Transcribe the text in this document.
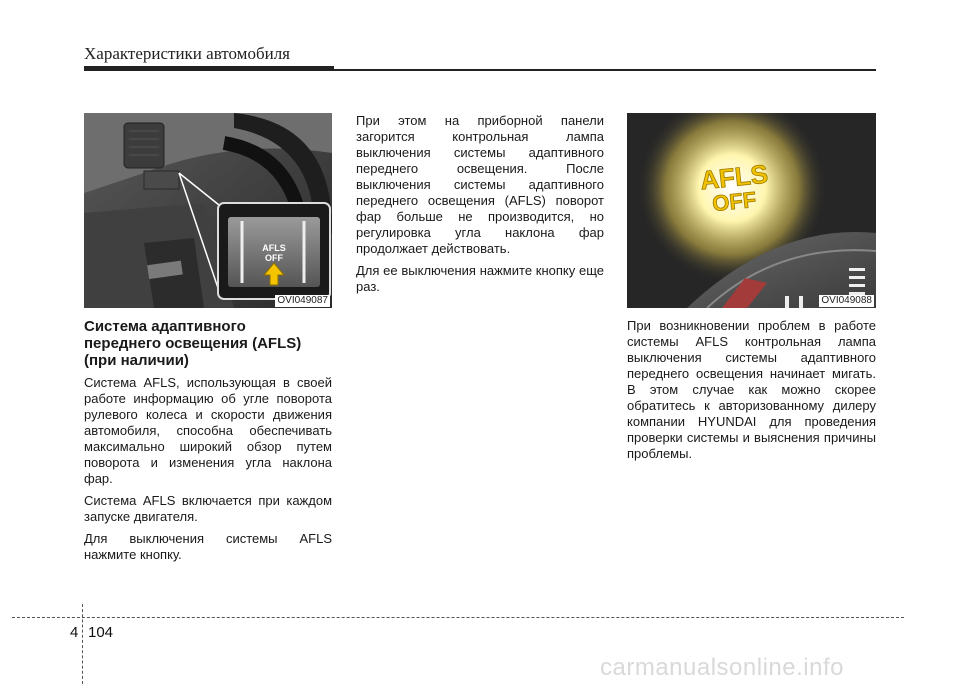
Характеристики автомобиля
AFLS
OFF
OVI049087
AFLS
OFF
OVI049088
Система адаптивного
переднего освещения (AFLS)
(при наличии)

Система AFLS, использующая в своей работе информацию об угле поворота рулевого колеса и скорости движения автомобиля, способна обеспечивать максимально широкий обзор путем поворота и изменения угла наклона фар.

Система AFLS включается при каждом запуске двигателя.

Для выключения системы AFLS нажмите кнопку.

При этом на приборной панели загорится контрольная лампа выключения системы адаптивного переднего освещения. После выключения системы адаптивного переднего освещения (AFLS) поворот фар больше не производится, но регулировка угла наклона фар продолжает действовать.

Для ее выключения нажмите кнопку еще раз.

При возникновении проблем в работе системы AFLS контрольная лампа выключения системы адаптивного переднего освещения начинает мигать. В этом случае как можно скорее обратитесь к авторизованному дилеру компании HYUNDAI для проведения проверки системы и выяснения причины проблемы.

4 104
carmanualsonline.info
